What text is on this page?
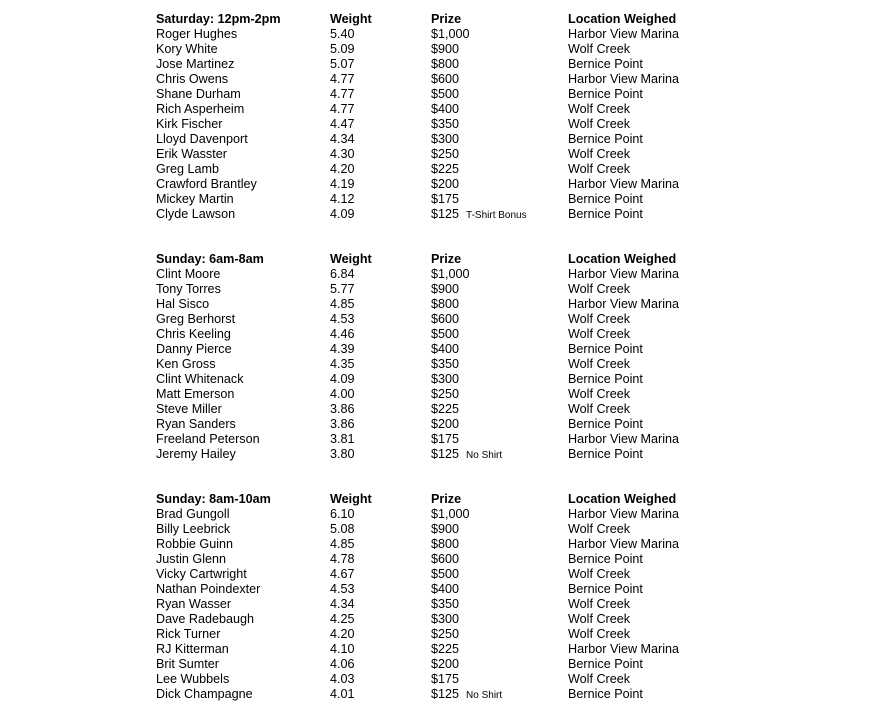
Saturday: 12pm-2pm	Weight	Prize	Location Weighed
Roger Hughes	5.40	$1,000	Harbor View Marina
Kory White	5.09	$900	Wolf Creek
Jose Martinez	5.07	$800	Bernice Point
Chris Owens	4.77	$600	Harbor View Marina
Shane Durham	4.77	$500	Bernice Point
Rich Asperheim	4.77	$400	Wolf Creek
Kirk Fischer	4.47	$350	Wolf Creek
Lloyd Davenport	4.34	$300	Bernice Point
Erik Wasster	4.30	$250	Wolf Creek
Greg Lamb	4.20	$225	Wolf Creek
Crawford Brantley	4.19	$200	Harbor View Marina
Mickey Martin	4.12	$175	Bernice Point
Clyde Lawson	4.09	$125 T-Shirt Bonus	Bernice Point
Sunday: 6am-8am	Weight	Prize	Location Weighed
Clint Moore	6.84	$1,000	Harbor View Marina
Tony Torres	5.77	$900	Wolf Creek
Hal Sisco	4.85	$800	Harbor View Marina
Greg Berhorst	4.53	$600	Wolf Creek
Chris Keeling	4.46	$500	Wolf Creek
Danny Pierce	4.39	$400	Bernice Point
Ken Gross	4.35	$350	Wolf Creek
Clint Whitenack	4.09	$300	Bernice Point
Matt Emerson	4.00	$250	Wolf Creek
Steve Miller	3.86	$225	Wolf Creek
Ryan Sanders	3.86	$200	Bernice Point
Freeland Peterson	3.81	$175	Harbor View Marina
Jeremy Hailey	3.80	$125 No Shirt	Bernice Point
Sunday: 8am-10am	Weight	Prize	Location Weighed
Brad Gungoll	6.10	$1,000	Harbor View Marina
Billy Leebrick	5.08	$900	Wolf Creek
Robbie Guinn	4.85	$800	Harbor View Marina
Justin Glenn	4.78	$600	Bernice Point
Vicky Cartwright	4.67	$500	Wolf Creek
Nathan Poindexter	4.53	$400	Bernice Point
Ryan Wasser	4.34	$350	Wolf Creek
Dave Radebaugh	4.25	$300	Wolf Creek
Rick Turner	4.20	$250	Wolf Creek
RJ Kitterman	4.10	$225	Harbor View Marina
Brit Sumter	4.06	$200	Bernice Point
Lee Wubbels	4.03	$175	Wolf Creek
Dick Champagne	4.01	$125 No Shirt	Bernice Point
